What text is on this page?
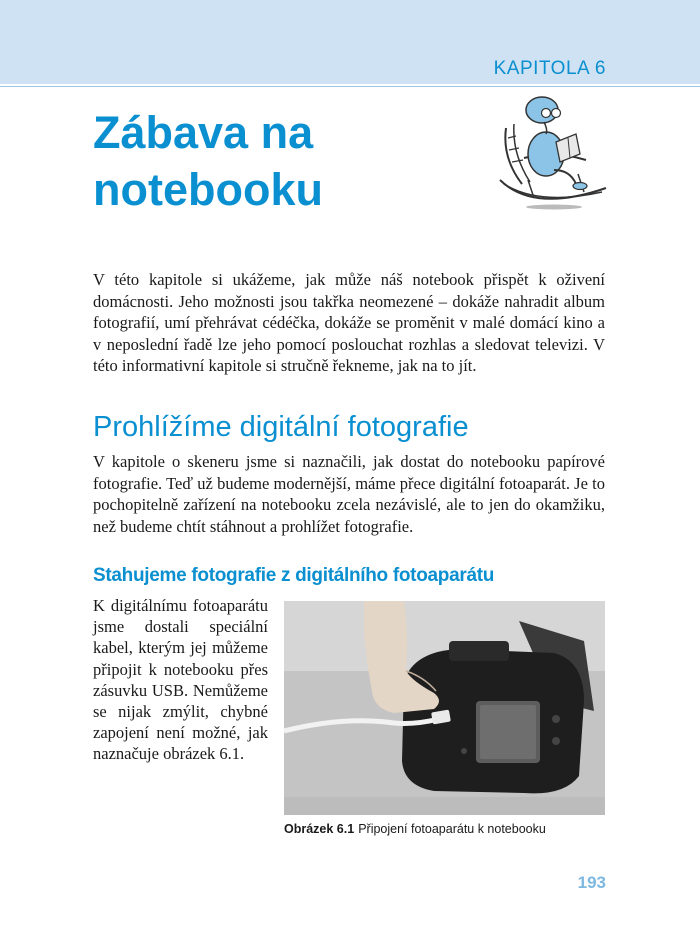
KAPITOLA 6
Zábava na
notebooku

V této kapitole si ukážeme, jak může náš notebook přispět k oživení domácnosti. Jeho možnosti jsou takřka neomezené – dokáže nahradit album fotografií, umí přehrávat cédéčka, dokáže se proměnit v malé domácí kino a v neposlední řadě lze jeho pomocí poslouchat rozhlas a sledovat televizi. V této informativní kapitole si stručně řekneme, jak na to jít.

Prohlížíme digitální fotografie

V kapitole o skeneru jsme si naznačili, jak dostat do notebooku papírové fotografie. Teď už budeme modernější, máme přece digitální fotoaparát. Je to pochopitelně zařízení na notebooku zcela nezávislé, ale to jen do okamžiku, než budeme chtít stáhnout a prohlížet fotografie.

Stahujeme fotografie z digitálního fotoaparátu

K digitálnímu fotoaparátu jsme dostali speciální kabel, kterým jej můžeme připojit k notebooku přes zásuvku USB. Nemůžeme se nijak zmýlit, chybné zapojení není možné, jak naznačuje obrázek 6.1.

Obrázek 6.1 Připojení fotoaparátu k notebooku

193
